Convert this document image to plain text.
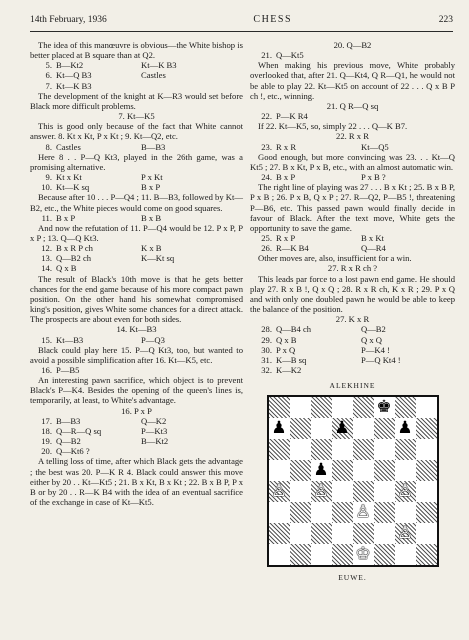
14th February, 1936	CHESS	223

The idea of this manœuvre is obvious—the White bishop is better placed at B square than at Q2.

5. B—Kt2	Kt—K B3
6. Kt—Q B3	Castles
7. Kt—K B3

The development of the knight at K—R3 would set before Black more difficult problems.

7. Kt—K5

This is good only because of the fact that White cannot answer. 8. Kt x Kt, P x Kt ; 9. Kt—Q2, etc.

8. Castles	B—B3

Here 8 . . P—Q Kt3, played in the 26th game, was a promising alternative.

9. Kt x Kt	P x Kt
10. Kt—K sq	B x P

Because after 10 . . . P—Q4 ; 11. B—B3, followed by Kt—B2, etc., the White pieces would come on good squares.

11. B x P	B x B

And now the refutation of 11. P—Q4 would be 12. P x P, P x P ; 13. Q—Q Kt3.

12. B x R P ch	K x B
13. Q—B2 ch	K—Kt sq
14. Q x B

The result of Black's 10th move is that he gets better chances for the end game because of his more compact pawn position. On the other hand his somewhat compromised king's position, gives White some chances for a direct attack. The prospects are about even for both sides.

14. Kt—B3
15. Kt—B3	P—Q3

Black could play here 15. P—Q Kt3, too, but wanted to avoid a possible simplification after 16. Kt—K5, etc.

16. P—B5

An interesting pawn sacrifice, which object is to prevent Black's P—K4. Besides the opening of the queen's lines is, temporarily, at least, to White's advantage.

16. P x P
17. B—B3	Q—K2
18. Q—R—Q sq	P—Kt3
19. Q—B2	B—Kt2
20. Q—Kt6 ?

A telling loss of time, after which Black gets the advantage ; the best was 20. P—K R 4. Black could answer this move either by 20 . . Kt—Kt5 ; 21. B x Kt, B x Kt ; 22. B x B P, P x B or by 20 . . R—K B4 with the idea of an eventual sacrifice of the exchange in case of Kt—Kt5.

20. Q—B2
21. Q—Kt5

When making his previous move, White probably overlooked that, after 21. Q—Kt4, Q R—Q1, he would not be able to play 22. Kt—Kt5 on account of 22 . . . Q x B P ch !, etc., winning.

21. Q R—Q sq
22. P—K R4

If 22. Kt—K5, so, simply 22 . . . Q—K B7.

22. R x R
23. R x R	Kt—Q5

Good enough, but more convincing was 23. . . Kt—Q Kt5 ; 27. B x Kt, P x B, etc., with an almost automatic win.

24. B x P	P x B ?

The right line of playing was 27 . . . B x Kt ; 25. B x B P, P x B ; 26. P x B, Q x P ; 27. R—Q2, P—B5 !, threatening P—B6, etc. This passed pawn would finally decide in favour of Black. After the text move, White gets the opportunity to save the game.

25. R x P	B x Kt
26. R—K B4	Q—R4

Other moves are, also, insufficient for a win.

27. R x R ch ?

This leads par force to a lost pawn end game. He should play 27. R x B !, Q x Q ; 28. R x R ch, K x R ; 29. P x Q and with only one doubled pawn he would be able to keep the balance of the position.

27. K x R
28. Q—B4 ch	Q—B2
29. Q x B	Q x Q
30. P x Q	P—K4 !
31. K—B sq	P—Q Kt4 !
32. K—K2
ALEKHINE
♚
♟	♟	♟
♟
♙ ♙	♙
♙
♙
♔
EUWE.
